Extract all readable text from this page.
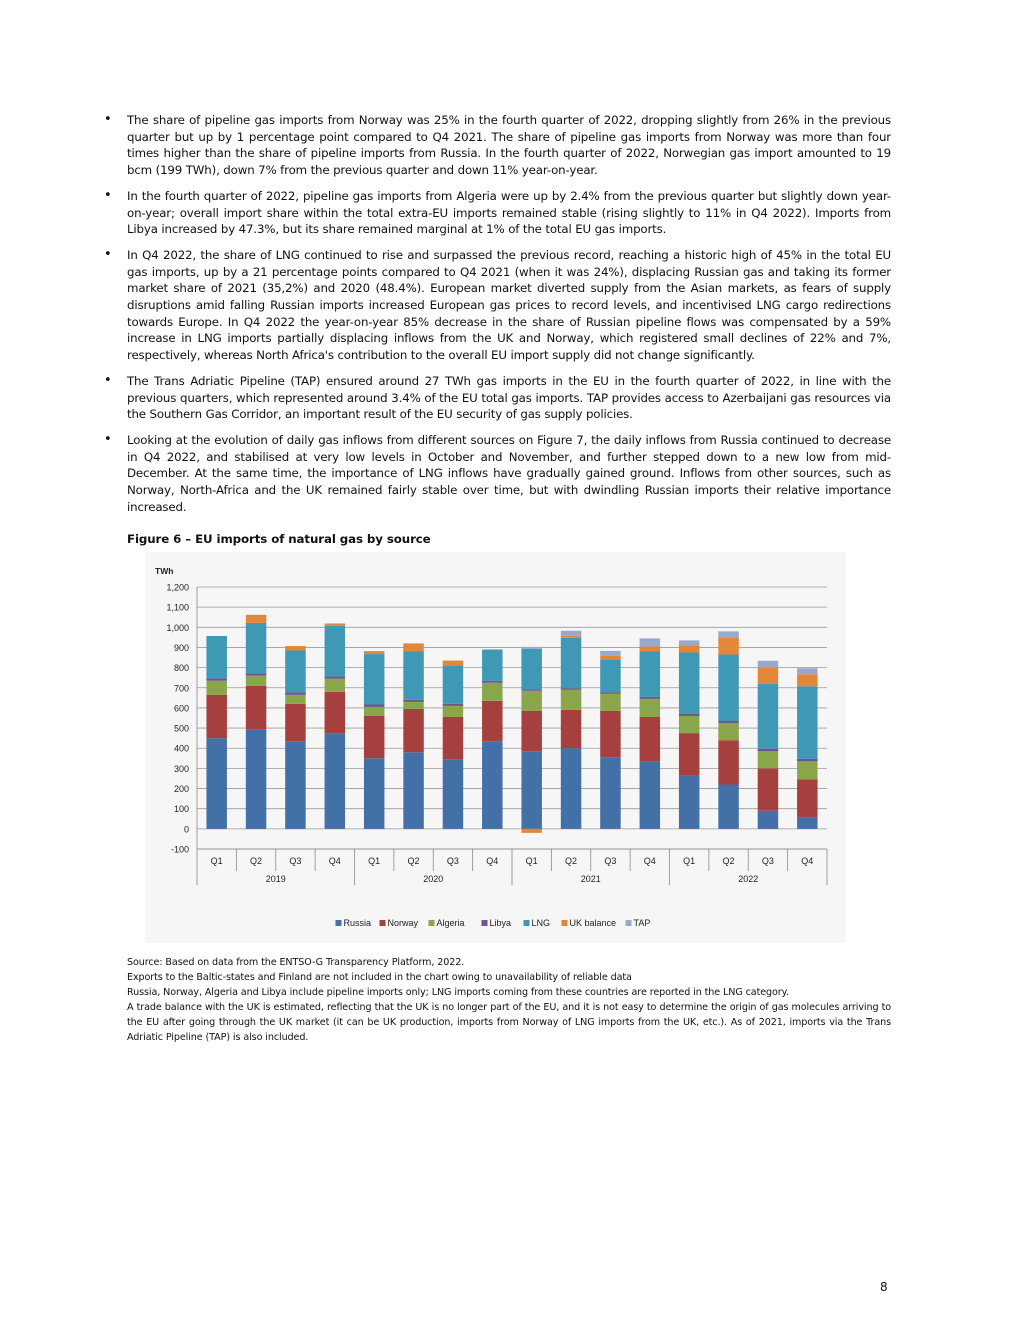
• The share of pipeline gas imports from Norway was 25% in the fourth quarter of 2022, dropping slightly from 26% in the previous quarter but up by 1 percentage point compared to Q4 2021. The share of pipeline gas imports from Norway was more than four times higher than the share of pipeline imports from Russia. In the fourth quarter of 2022, Norwegian gas import amounted to 19 bcm (199 TWh), down 7% from the previous quarter and down 11% year-on-year.
• In the fourth quarter of 2022, pipeline gas imports from Algeria were up by 2.4% from the previous quarter but slightly down year-on-year; overall import share within the total extra-EU imports remained stable (rising slightly to 11% in Q4 2022). Imports from Libya increased by 47.3%, but its share remained marginal at 1% of the total EU gas imports.
• In Q4 2022, the share of LNG continued to rise and surpassed the previous record, reaching a historic high of 45% in the total EU gas imports, up by a 21 percentage points compared to Q4 2021 (when it was 24%), displacing Russian gas and taking its former market share of 2021 (35,2%) and 2020 (48.4%). European market diverted supply from the Asian markets, as fears of supply disruptions amid falling Russian imports increased European gas prices to record levels, and incentivised LNG cargo redirections towards Europe. In Q4 2022 the year-on-year 85% decrease in the share of Russian pipeline flows was compensated by a 59% increase in LNG imports partially displacing inflows from the UK and Norway, which registered small declines of 22% and 7%, respectively, whereas North Africa's contribution to the overall EU import supply did not change significantly.
• The Trans Adriatic Pipeline (TAP) ensured around 27 TWh gas imports in the EU in the fourth quarter of 2022, in line with the previous quarters, which represented around 3.4% of the EU total gas imports. TAP provides access to Azerbaijani gas resources via the Southern Gas Corridor, an important result of the EU security of gas supply policies.
• Looking at the evolution of daily gas inflows from different sources on Figure 7, the daily inflows from Russia continued to decrease in Q4 2022, and stabilised at very low levels in October and November, and further stepped down to a new low from mid-December. At the same time, the importance of LNG inflows have gradually gained ground. Inflows from other sources, such as Norway, North-Africa and the UK remained fairly stable over time, but with dwindling Russian imports their relative importance increased.
Figure 6 – EU imports of natural gas by source
-100
0
100
200
300
400
500
600
700
800
900
1,000
1,100
1,200
TWh
Q1	Q2	Q3	Q4	Q1	Q2	Q3	Q4	Q1	Q2	Q3	Q4	Q1	Q2	Q3	Q4
2019	2020	2021	2022
Russia Norway Algeria	Libya LNG UK balance TAP

Source: Based on data from the ENTSO-G Transparency Platform, 2022.

Exports to the Baltic-states and Finland are not included in the chart owing to unavailability of reliable data

Russia, Norway, Algeria and Libya include pipeline imports only; LNG imports coming from these countries are reported in the LNG category.

A trade balance with the UK is estimated, reflecting that the UK is no longer part of the EU, and it is not easy to determine the origin of gas molecules arriving to the EU after going through the UK market (it can be UK production, imports from Norway of LNG imports from the UK, etc.). As of 2021, imports via the Trans Adriatic Pipeline (TAP) is also included.

8
